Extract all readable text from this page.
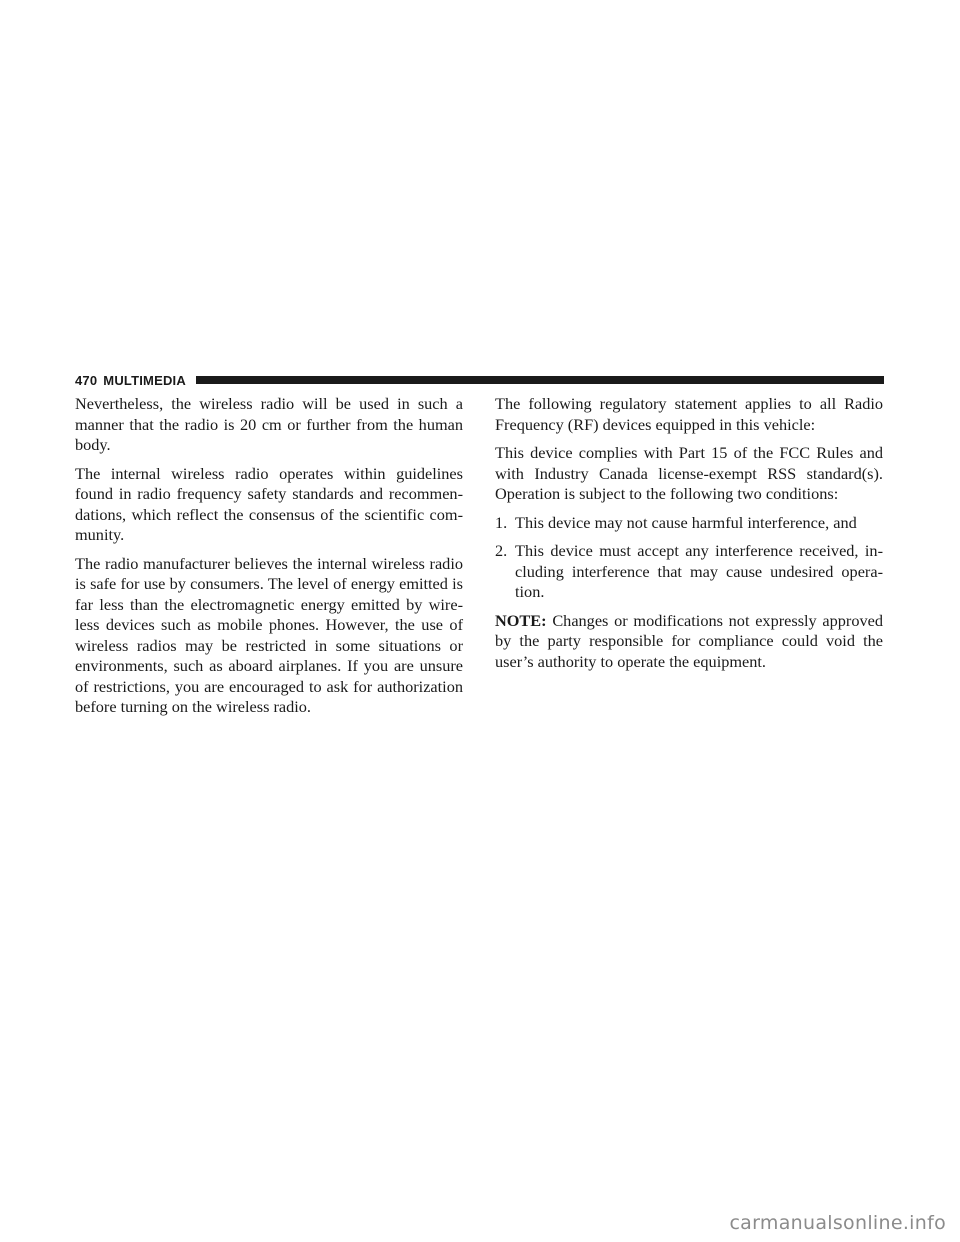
470 MULTIMEDIA

Nevertheless, the wireless radio will be used in such a manner that the radio is 20 cm or further from the human body.

The internal wireless radio operates within guidelines found in radio frequency safety standards and recommen-dations, which reflect the consensus of the scientific com-munity.

The radio manufacturer believes the internal wireless radio is safe for use by consumers. The level of energy emitted is far less than the electromagnetic energy emitted by wire-less devices such as mobile phones. However, the use of wireless radios may be restricted in some situations or environments, such as aboard airplanes. If you are unsure of restrictions, you are encouraged to ask for authorization before turning on the wireless radio.

The following regulatory statement applies to all Radio Frequency (RF) devices equipped in this vehicle:

This device complies with Part 15 of the FCC Rules and with Industry Canada license-exempt RSS standard(s). Operation is subject to the following two conditions:

1. This device may not cause harmful interference, and
2. This device must accept any interference received, in-cluding interference that may cause undesired opera-tion.

NOTE: Changes or modifications not expressly approved by the party responsible for compliance could void the user’s authority to operate the equipment.

carmanualsonline.info
